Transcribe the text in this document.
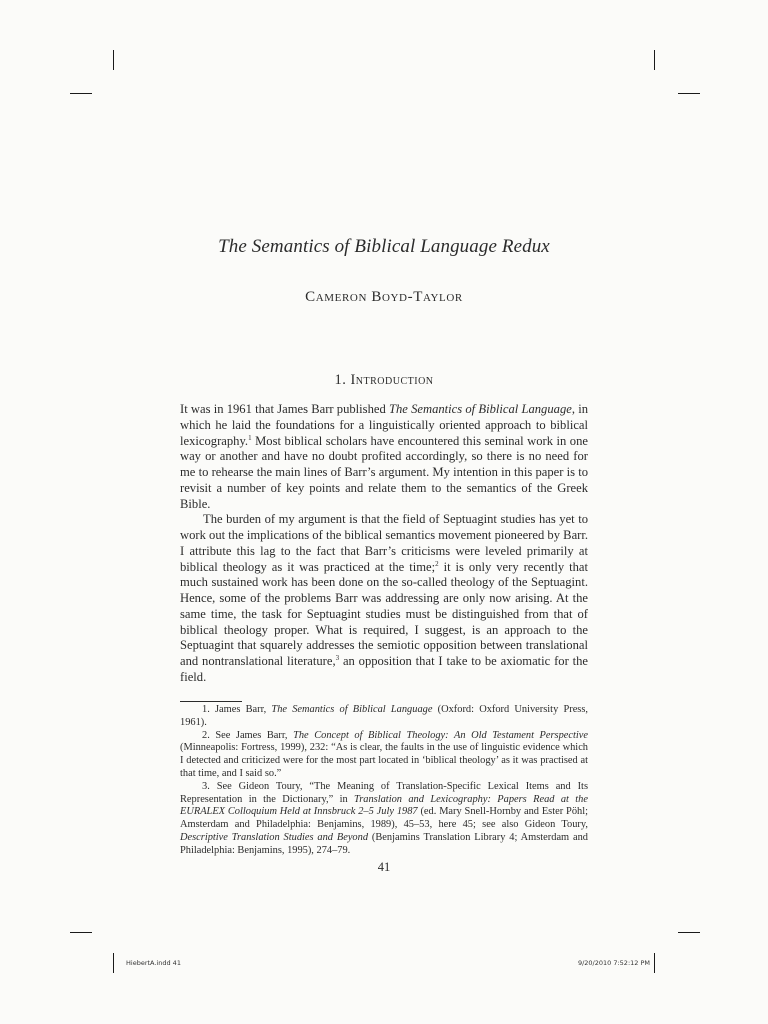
The Semantics of Biblical Language Redux
Cameron Boyd-Taylor
1. Introduction

It was in 1961 that James Barr published The Semantics of Biblical Language, in which he laid the foundations for a linguistically oriented approach to biblical lexicography.$^1$ Most biblical scholars have encountered this seminal work in one way or another and have no doubt profited accordingly, so there is no need for me to rehearse the main lines of Barr’s argument. My intention in this paper is to revisit a number of key points and relate them to the semantics of the Greek Bible.

The burden of my argument is that the field of Septuagint studies has yet to work out the implications of the biblical semantics movement pioneered by Barr. I attribute this lag to the fact that Barr’s criticisms were leveled primarily at biblical theology as it was practiced at the time;$^2$ it is only very recently that much sustained work has been done on the so-called theology of the Septuagint. Hence, some of the problems Barr was addressing are only now arising. At the same time, the task for Septuagint studies must be distinguished from that of biblical theology proper. What is required, I suggest, is an approach to the Septuagint that squarely addresses the semiotic opposition between translational and nontranslational literature,$^3$ an opposition that I take to be axiomatic for the field.

1. James Barr, The Semantics of Biblical Language (Oxford: Oxford University Press, 1961).

2. See James Barr, The Concept of Biblical Theology: An Old Testament Perspective (Minneapolis: Fortress, 1999), 232: “As is clear, the faults in the use of linguistic evidence which I detected and criticized were for the most part located in ‘biblical theology’ as it was practised at that time, and I said so.”

3. See Gideon Toury, “The Meaning of Translation-Specific Lexical Items and Its Representation in the Dictionary,” in Translation and Lexicography: Papers Read at the EURALEX Colloquium Held at Innsbruck 2–5 July 1987 (ed. Mary Snell-Hornby and Ester Pöhl; Amsterdam and Philadelphia: Benjamins, 1989), 45–53, here 45; see also Gideon Toury, Descriptive Translation Studies and Beyond (Benjamins Translation Library 4; Amsterdam and Philadelphia: Benjamins, 1995), 274–79.

41
HiebertA.indd 41	9/20/2010 7:52:12 PM
